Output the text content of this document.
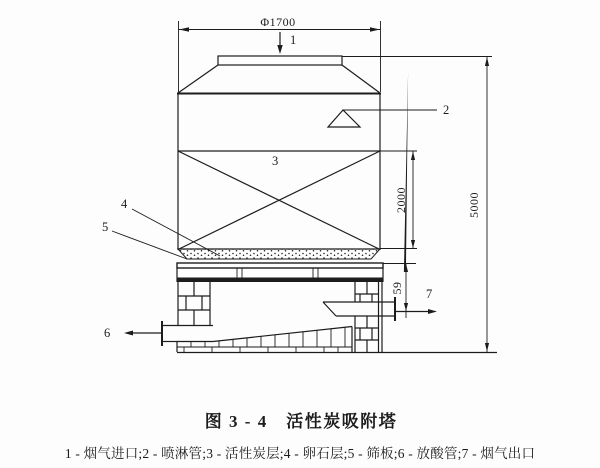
Φ1700
1
2
3
4
5
7
59
6
2000	5000
图 3 - 4　活性炭吸附塔
1 - 烟气进口;2 - 喷淋管;3 - 活性炭层;4 - 卵石层;5 - 筛板;6 - 放酸管;7 - 烟气出口
